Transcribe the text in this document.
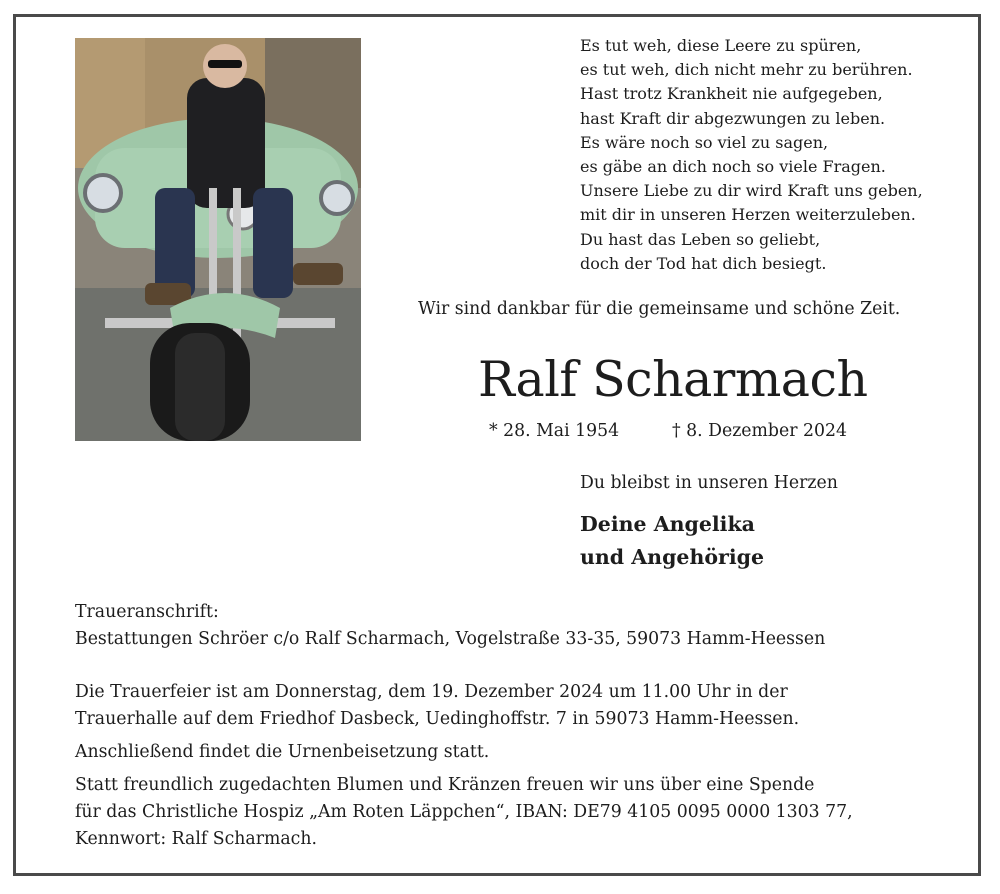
Es tut weh, diese Leere zu spüren,
es tut weh, dich nicht mehr zu berühren.
Hast trotz Krankheit nie aufgegeben,
hast Kraft dir abgezwungen zu leben.
Es wäre noch so viel zu sagen,
es gäbe an dich noch so viele Fragen.
Unsere Liebe zu dir wird Kraft uns geben,
mit dir in unseren Herzen weiterzuleben.
Du hast das Leben so geliebt,
doch der Tod hat dich besiegt.
Wir sind dankbar für die gemeinsame und schöne Zeit.
Ralf Scharmach
* 28. Mai 1954	† 8. Dezember 2024
Du bleibst in unseren Herzen
Deine Angelika
und Angehörige
Traueranschrift:
Bestattungen Schröer c/o Ralf Scharmach, Vogelstraße 33-35, 59073 Hamm-Heessen
Die Trauerfeier ist am Donnerstag, dem 19. Dezember 2024 um 11.00 Uhr in der
Trauerhalle auf dem Friedhof Dasbeck, Uedinghoffstr. 7 in 59073 Hamm-Heessen.
Anschließend findet die Urnenbeisetzung statt.
Statt freundlich zugedachten Blumen und Kränzen freuen wir uns über eine Spende
für das Christliche Hospiz „Am Roten Läppchen“, IBAN: DE79 4105 0095 0000 1303 77,
Kennwort: Ralf Scharmach.
